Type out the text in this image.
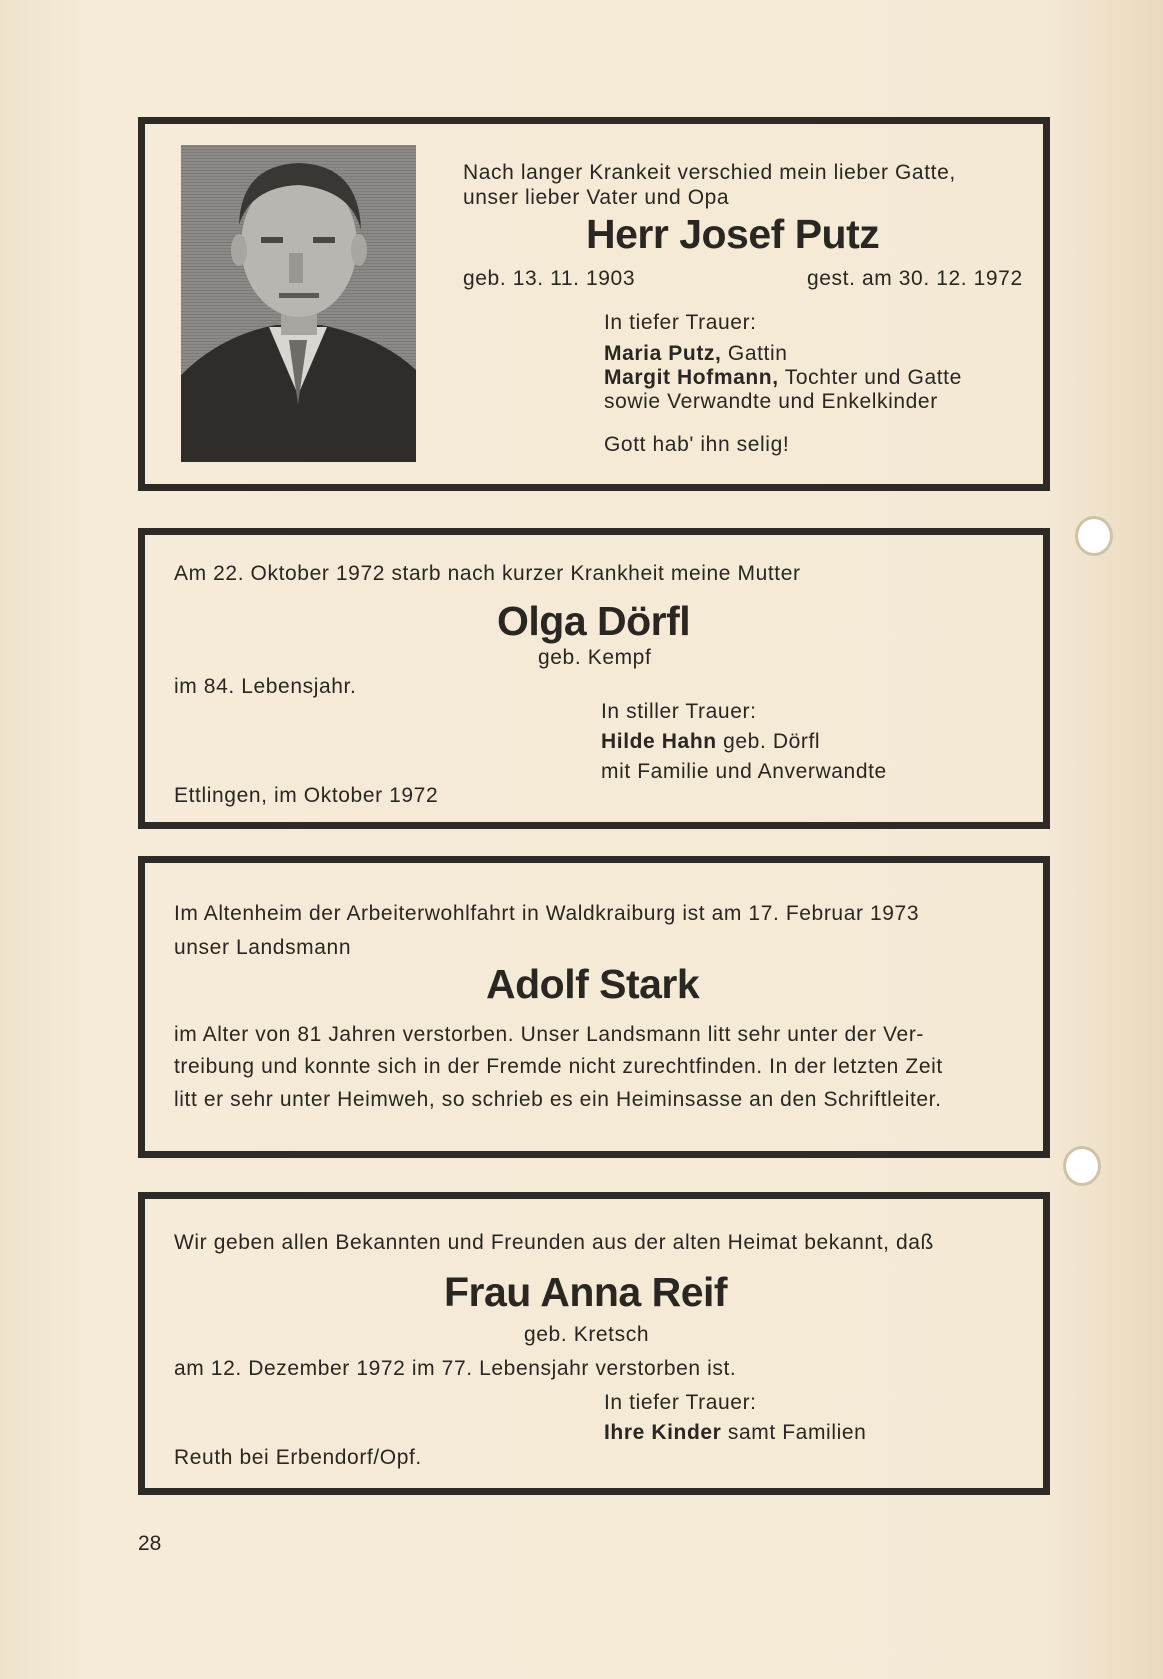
Nach langer Krankeit verschied mein lieber Gatte,
unser lieber Vater und Opa
Herr Josef Putz
geb. 13. 11. 1903	gest. am 30. 12. 1972
In tiefer Trauer:
Maria Putz, Gattin
Margit Hofmann, Tochter und Gatte
sowie Verwandte und Enkelkinder
Gott hab' ihn selig!
Am 22. Oktober 1972 starb nach kurzer Krankheit meine Mutter
Olga Dörfl
geb. Kempf
im 84. Lebensjahr.
In stiller Trauer:
Hilde Hahn geb. Dörfl
mit Familie und Anverwandte
Ettlingen, im Oktober 1972
Im Altenheim der Arbeiterwohlfahrt in Waldkraiburg ist am 17. Februar 1973
unser Landsmann
Adolf Stark
im Alter von 81 Jahren verstorben. Unser Landsmann litt sehr unter der Ver-
treibung und konnte sich in der Fremde nicht zurechtfinden. In der letzten Zeit
litt er sehr unter Heimweh, so schrieb es ein Heiminsasse an den Schriftleiter.
Wir geben allen Bekannten und Freunden aus der alten Heimat bekannt, daß
Frau Anna Reif
geb. Kretsch
am 12. Dezember 1972 im 77. Lebensjahr verstorben ist.
In tiefer Trauer:
Ihre Kinder samt Familien
Reuth bei Erbendorf/Opf.
28
